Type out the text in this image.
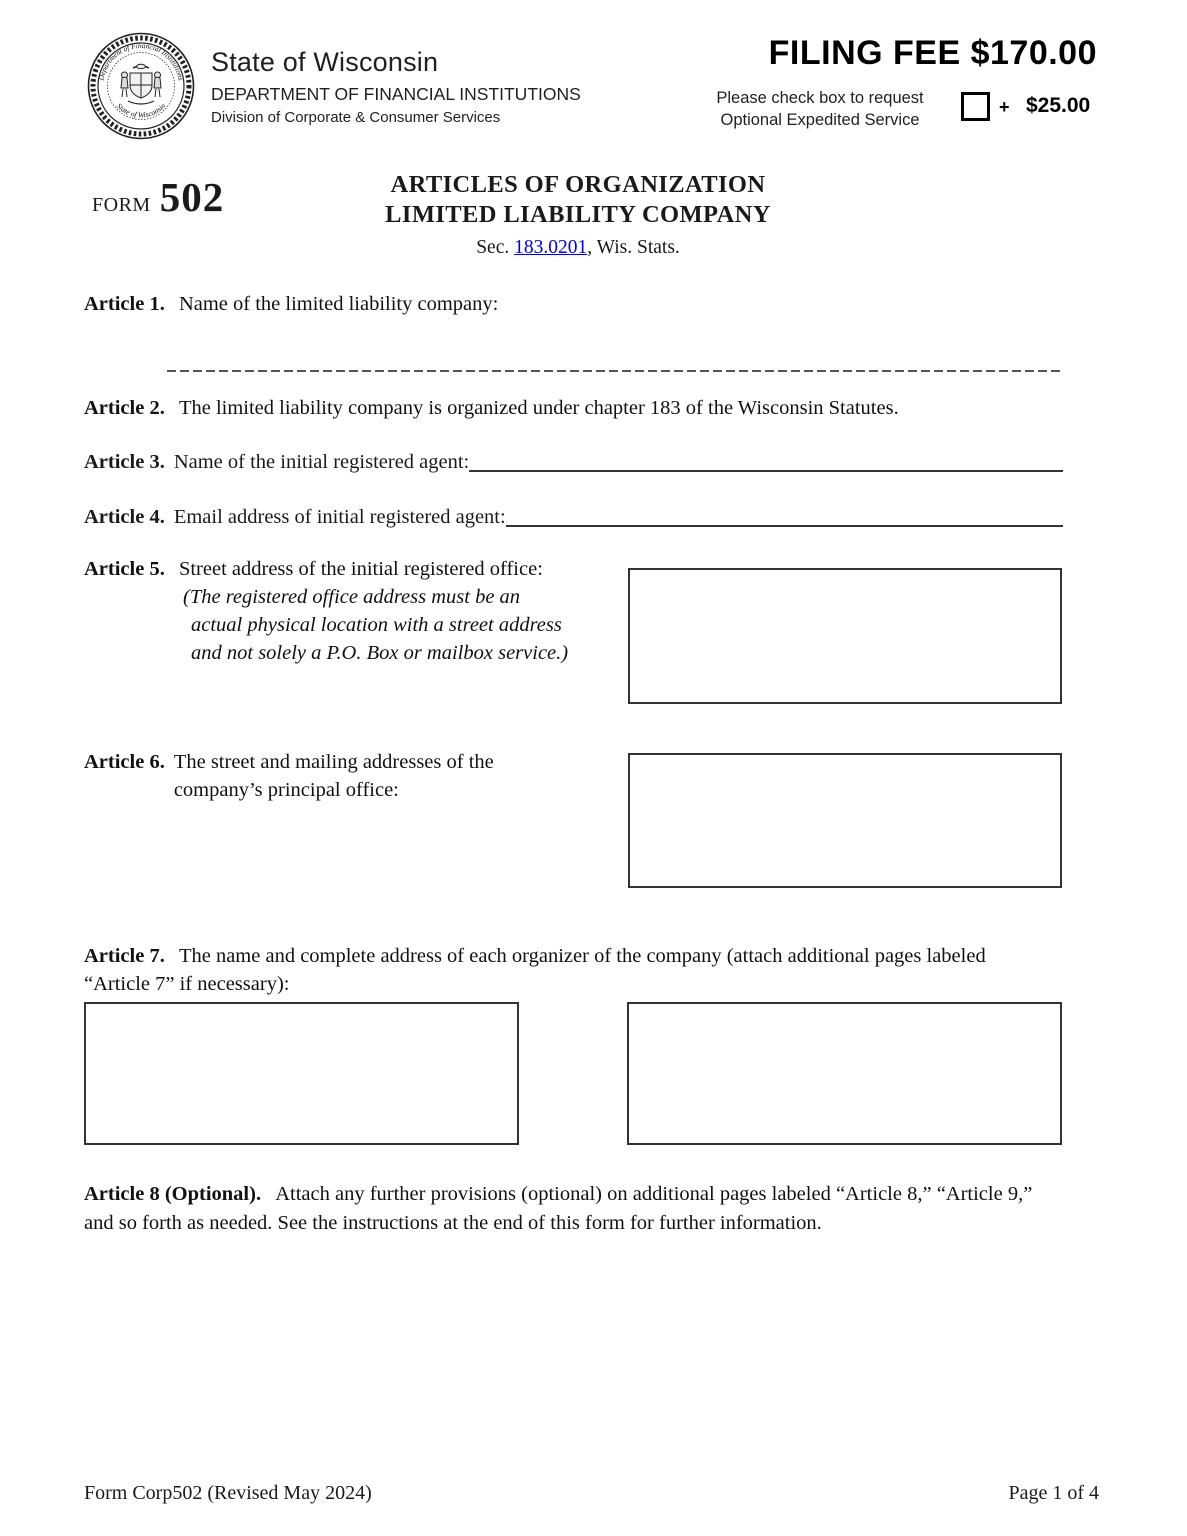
Department of Financial Institutions
State of Wisconsin
State of Wisconsin
DEPARTMENT OF FINANCIAL INSTITUTIONS
Division of Corporate & Consumer Services
FILING FEE $170.00
Please check box to request
Optional Expedited Service
+ $25.00
FORM 502	ARTICLES OF ORGANIZATION
LIMITED LIABILITY COMPANY
Sec. 183.0201, Wis. Stats.
Article 1. Name of the limited liability company:
Article 2. The limited liability company is organized under chapter 183 of the Wisconsin Statutes.
Article 3. Name of the initial registered agent:
Article 4. Email address of initial registered agent:
Article 5. Street address of the initial registered office:
(The registered office address must be an
actual physical location with a street address
and not solely a P.O. Box or mailbox service.)
Article 6. The street and mailing addresses of the company’s principal office:
Article 7. The name and complete address of each organizer of the company (attach additional pages labeled “Article 7” if necessary):
Article 8 (Optional). Attach any further provisions (optional) on additional pages labeled “Article 8,” “Article 9,” and so forth as needed. See the instructions at the end of this form for further information.
Form Corp502 (Revised May 2024)	Page 1 of 4
